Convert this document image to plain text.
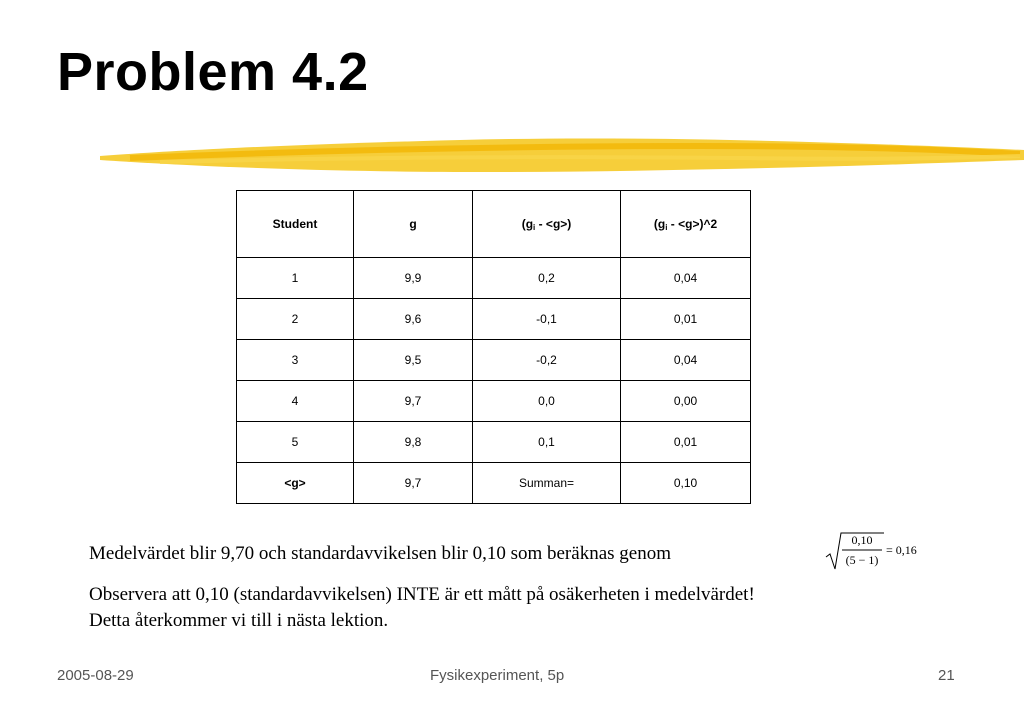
Problem 4.2
Student	g	(gi - <g>)	(gi - <g>)^2
1	9,9	0,2	0,04
2	9,6	-0,1	0,01
3	9,5	-0,2	0,04
4	9,7	0,0	0,00
5	9,8	0,1	0,01
<g>	9,7	Summan=	0,10

Medelvärdet blir 9,70 och standardavvikelsen blir 0,10 som beräknas genom

0,10
(5 − 1)
= 0,16

Observera att 0,10 (standardavvikelsen) INTE är ett mått på osäkerheten i medelvärdet!
Detta återkommer vi till i nästa lektion.

2005-08-29	Fysikexperiment, 5p	21
